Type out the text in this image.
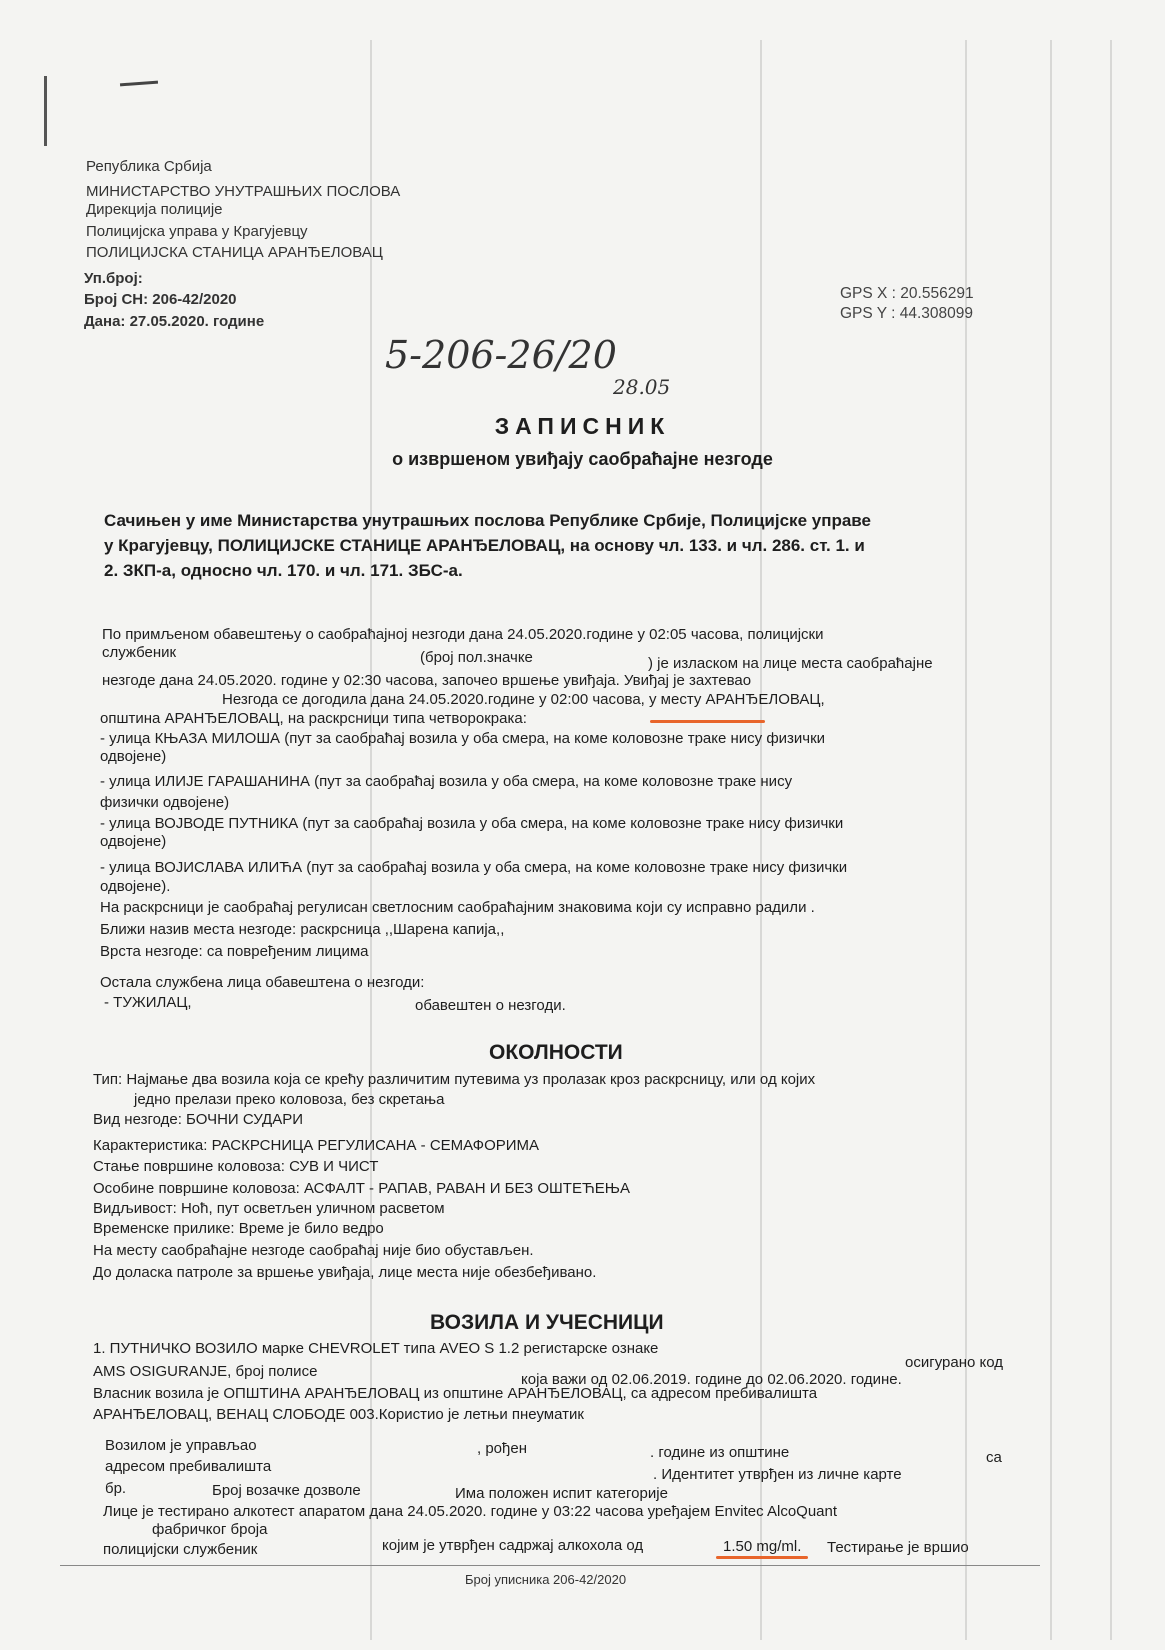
Република Србија
МИНИСТАРСТВО УНУТРАШЊИХ ПОСЛОВА
Дирекција полиције
Полицијска управа у Крагујевцу
ПОЛИЦИЈСКА СТАНИЦА АРАНЂЕЛОВАЦ
Уп.број:
Број СН: 206-42/2020
Дана: 27.05.2020. године
GPS X : 20.556291
GPS Y : 44.308099
5-206-26/20
28.05
ЗАПИСНИК
о извршеном увиђају саобраћајне незгоде
Сачињен у име Министарства унутрашњих послова Републике Србије, Полицијске управе
у Крагујевцу, ПОЛИЦИЈСКЕ СТАНИЦЕ АРАНЂЕЛОВАЦ, на основу чл. 133. и чл. 286. ст. 1. и
2. ЗКП-а, односно чл. 170. и чл. 171. ЗБС-а.
По примљеном обавештењу о саобраћајној незгоди дана 24.05.2020.године у 02:05 часова, полицијски
службеник	(број пол.значке	) је изласком на лице места саобраћајне
незгоде дана 24.05.2020. године у 02:30 часова, започео вршење увиђаја. Увиђај је захтевао
Незгода се догодила дана 24.05.2020.године у 02:00 часова, у месту АРАНЂЕЛОВАЦ,
општина АРАНЂЕЛОВАЦ, на раскрсници типа четворокрака:
- улица КЊАЗА МИЛОША (пут за саобраћај возила у оба смера, на коме коловозне траке нису физички
одвојене)
- улица ИЛИЈЕ ГАРАШАНИНА (пут за саобраћај возила у оба смера, на коме коловозне траке нису
физички одвојене)
- улица ВОЈВОДЕ ПУТНИКА (пут за саобраћај возила у оба смера, на коме коловозне траке нису физички
одвојене)
- улица ВОЈИСЛАВА ИЛИЋА (пут за саобраћај возила у оба смера, на коме коловозне траке нису физички
одвојене).
На раскрсници је саобраћај регулисан светлосним саобраћајним знаковима који су исправно радили .
Ближи назив места незгоде: раскрсница ,,Шарена капија,,
Врста незгоде: са повређеним лицима
Остала службена лица обавештена о незгоди:
- ТУЖИЛАЦ,	обавештен о незгоди.
ОКОЛНОСТИ
Тип: Најмање два возила која се крећу различитим путевима уз пролазак кроз раскрсницу, или од којих
једно прелази преко коловоза, без скретања
Вид незгоде: БОЧНИ СУДАРИ
Карактеристика: РАСКРСНИЦА РЕГУЛИСАНА - СЕМАФОРИМА
Стање површине коловоза: СУВ И ЧИСТ
Особине површине коловоза: АСФАЛТ - РАПАВ, РАВАН И БЕЗ ОШТЕЋЕЊА
Видљивост: Ноћ, пут осветљен уличном расветом
Временске прилике: Време је било ведро
На месту саобраћајне незгоде саобраћај није био обустављен.
До доласка патроле за вршење увиђаја, лице места није обезбеђивано.
ВОЗИЛА И УЧЕСНИЦИ
1. ПУТНИЧКО ВОЗИЛО марке CHEVROLET типа AVEO S 1.2 регистарске ознаке
осигурано код
AMS OSIGURANJE, број полисе	која важи од 02.06.2019. године до 02.06.2020. године.
Власник возила је ОПШТИНА АРАНЂЕЛОВАЦ из општине АРАНЂЕЛОВАЦ, са адресом пребивалишта
АРАНЂЕЛОВАЦ, ВЕНАЦ СЛОБОДЕ 003.Користио је летњи пнеуматик
Возилом је управљао	, рођен	. године из општине	са
адресом пребивалишта	. Идентитет утврђен из личне карте
бр.	Број возачке дозволе	Има положен испит категорије
Лице је тестирано алкотест апаратом дана 24.05.2020. године у 03:22 часова уређајем Envitec AlcoQuant
фабричког броја
полицијски службеник	којим је утврђен садржај алкохола од	1.50 mg/ml. Тестирање је вршио
Број уписника 206-42/2020
